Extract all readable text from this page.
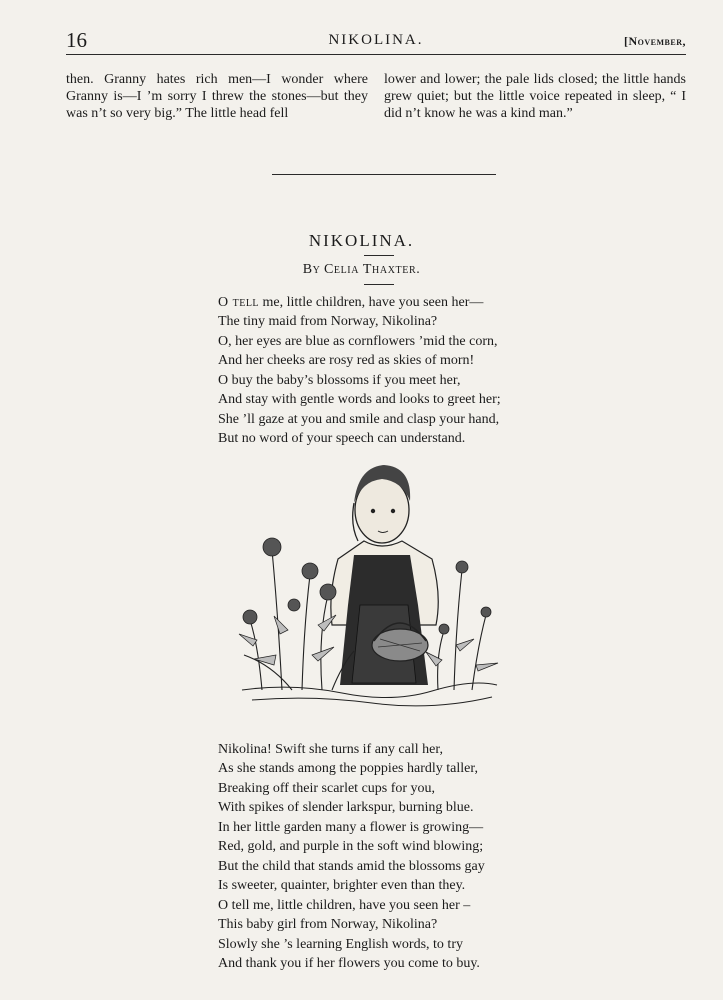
16	NIKOLINA.	[November,
then. Granny hates rich men—I wonder where Granny is—I ’m sorry I threw the stones—but they was n’t so very big.” The little head fell
lower and lower; the pale lids closed; the little hands grew quiet; but the little voice repeated in sleep, “ I did n’t know he was a kind man.”
NIKOLINA.
By Celia Thaxter.
O tell me, little children, have you seen her—
The tiny maid from Norway, Nikolina?
O, her eyes are blue as cornflowers ’mid the corn,
And her cheeks are rosy red as skies of morn!
O buy the baby’s blossoms if you meet her,
And stay with gentle words and looks to greet her;
She ’ll gaze at you and smile and clasp your hand,
But no word of your speech can understand.
Nikolina! Swift she turns if any call her,
As she stands among the poppies hardly taller,
Breaking off their scarlet cups for you,
With spikes of slender larkspur, burning blue.
In her little garden many a flower is growing—
Red, gold, and purple in the soft wind blowing;
But the child that stands amid the blossoms gay
Is sweeter, quainter, brighter even than they.
O tell me, little children, have you seen her –
This baby girl from Norway, Nikolina?
Slowly she ’s learning English words, to try
And thank you if her flowers you come to buy.
